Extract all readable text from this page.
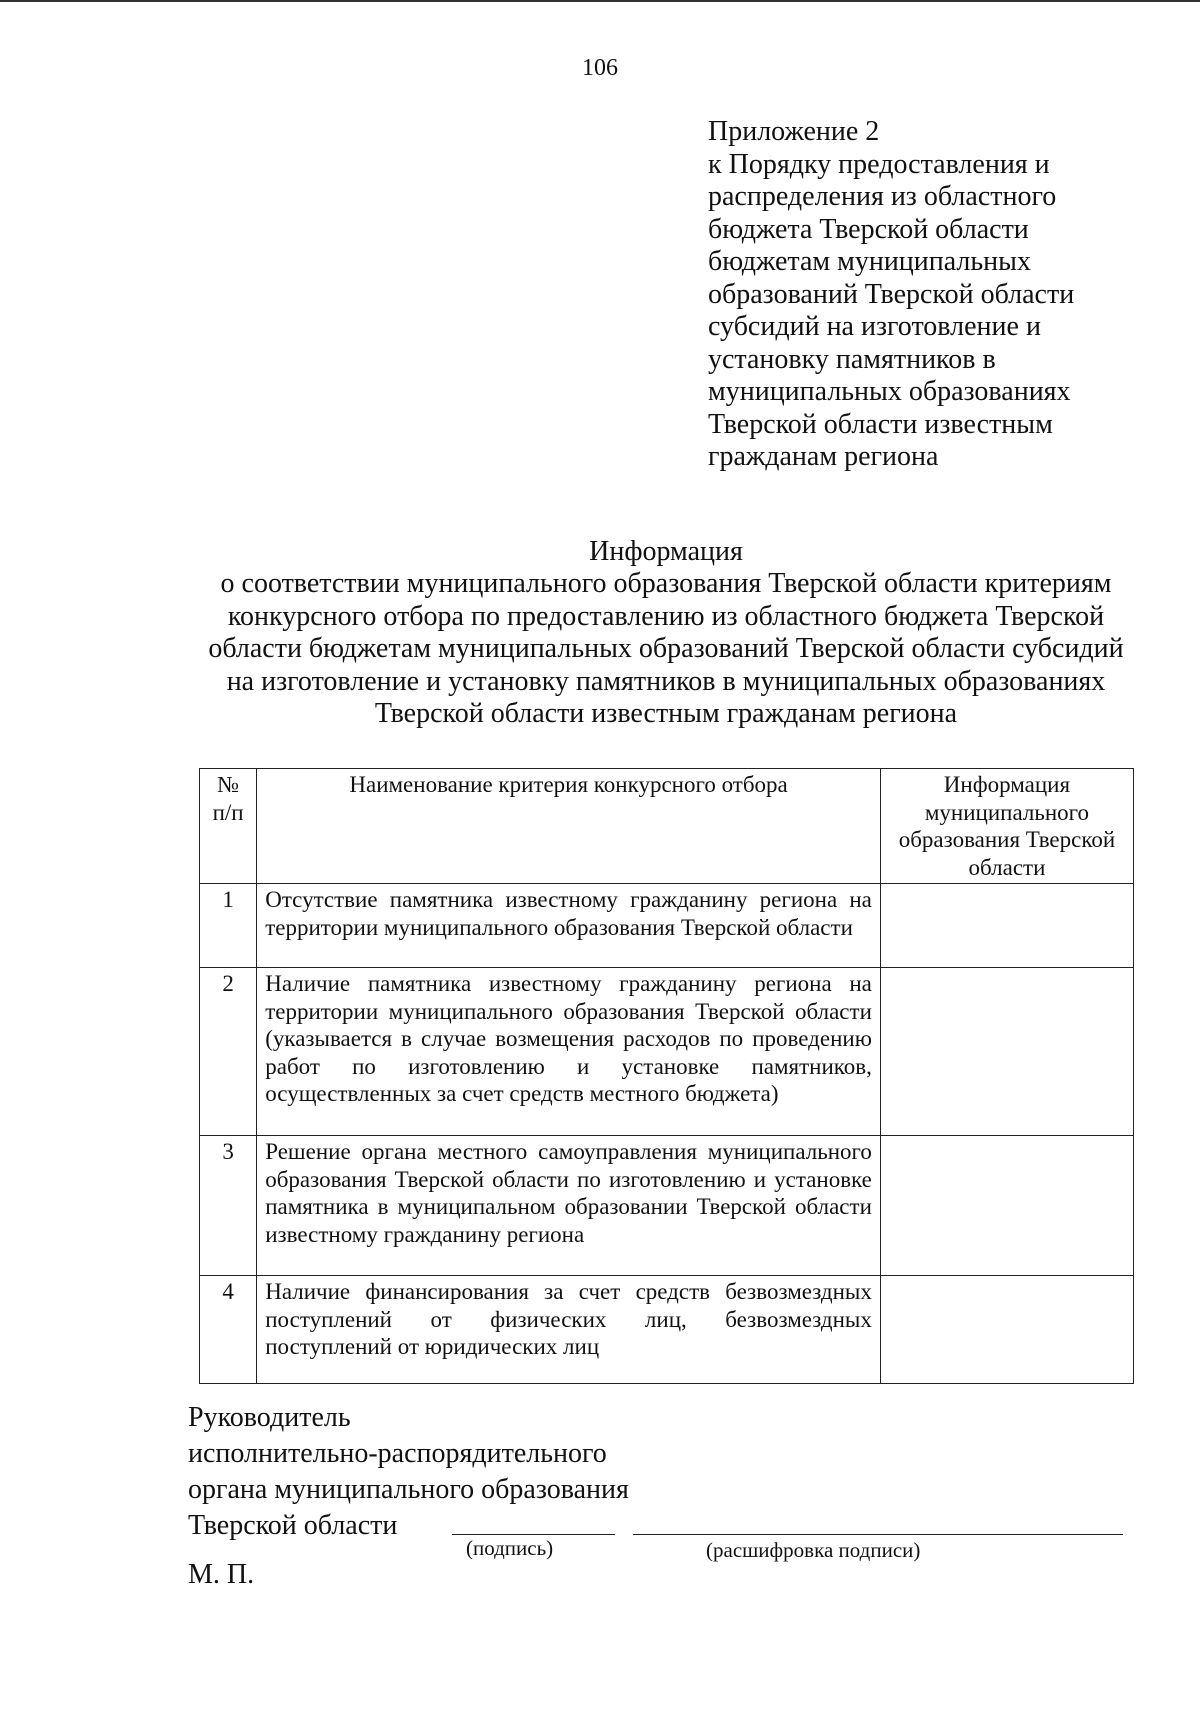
106
Приложение 2
к Порядку предоставления и
распределения из областного
бюджета Тверской области
бюджетам муниципальных
образований Тверской области
субсидий на изготовление и
установку памятников в
муниципальных образованиях
Тверской области известным
гражданам региона
Информация
о соответствии муниципального образования Тверской области критериям
конкурсного отбора по предоставлению из областного бюджета Тверской
области бюджетам муниципальных образований Тверской области субсидий
на изготовление и установку памятников в муниципальных образованиях
Тверской области известным гражданам региона
№ п/п	Наименование критерия конкурсного отбора	Информация муниципального образования Тверской области
1	Отсутствие памятника известному гражданину региона на территории муниципального образования Тверской области	
2	Наличие памятника известному гражданину региона на территории муниципального образования Тверской области (указывается в случае возмещения расходов по проведению работ по изготовлению и установке памятников, осуществленных за счет средств местного бюджета)	
3	Решение органа местного самоуправления муниципального образования Тверской области по изготовлению и установке памятника в муниципальном образовании Тверской области известному гражданину региона	
4	Наличие финансирования за счет средств безвозмездных поступлений от физических лиц, безвозмездных поступлений от юридических лиц	
Руководитель
исполнительно-распорядительного
органа муниципального образования
Тверской области
(подпись)	(расшифровка подписи)
М. П.
